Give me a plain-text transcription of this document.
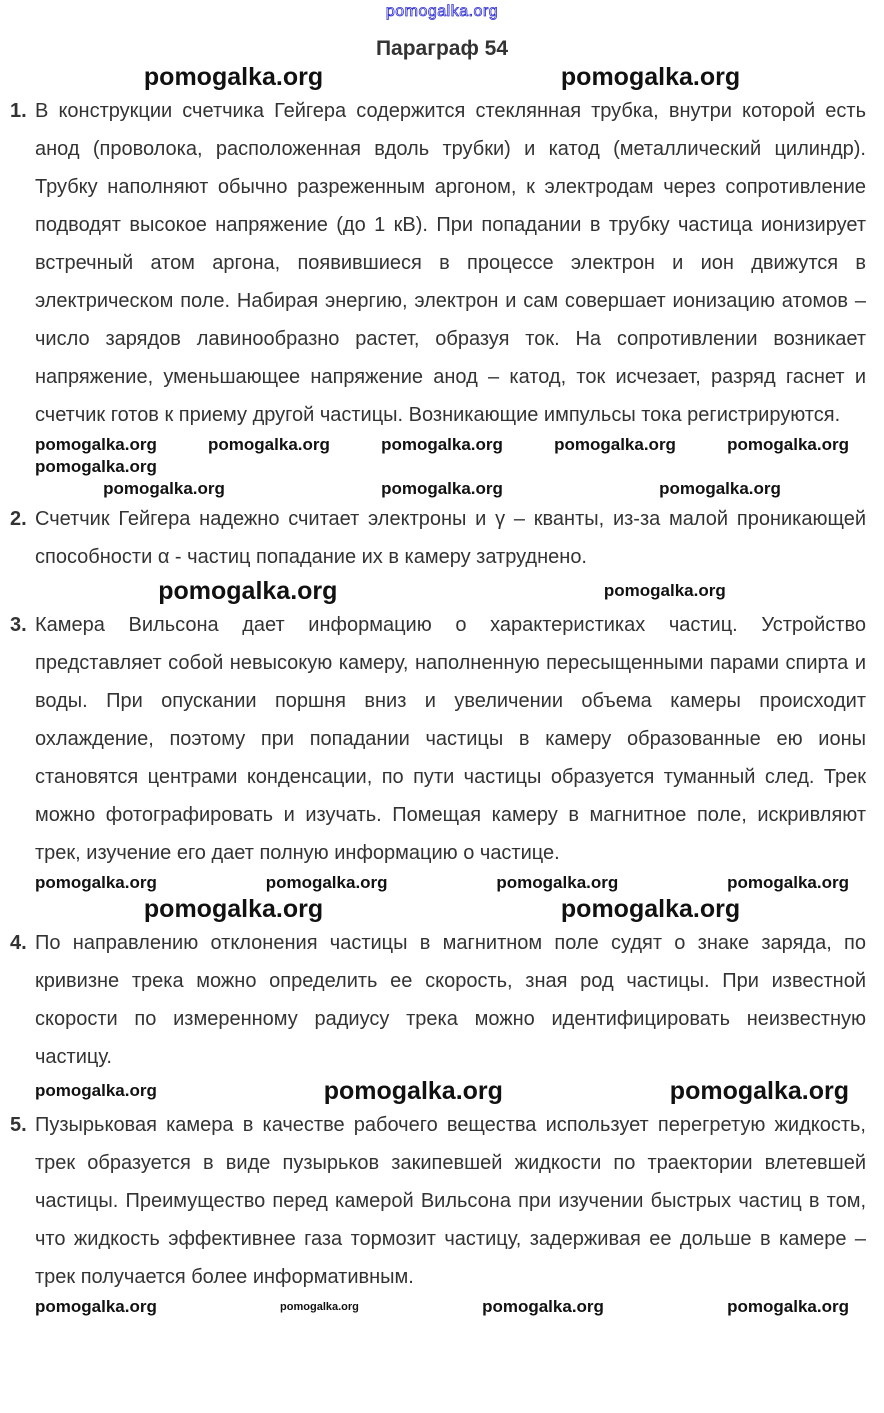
pomogalka.org
Параграф 54
pomogalka.org	pomogalka.org
1. В конструкции счетчика Гейгера содержится стеклянная трубка, внутри которой есть анод (проволока, расположенная вдоль трубки) и катод (металлический цилиндр). Трубку наполняют обычно разреженным аргоном, к электродам через сопротивление подводят высокое напряжение (до 1 кВ). При попадании в трубку частица ионизирует встречный атом аргона, появившиеся в процессе электрон и ион движутся в электрическом поле. Набирая энергию, электрон и сам совершает ионизацию атомов – число зарядов лавинообразно растет, образуя ток. На сопротивлении возникает напряжение, уменьшающее напряжение анод – катод, ток исчезает, разряд гаснет и счетчик готов к приему другой частицы. Возникающие импульсы тока регистрируются.
pomogalka.org	pomogalka.org	pomogalka.org	pomogalka.org	pomogalka.org
pomogalka.org
pomogalka.org	pomogalka.org	pomogalka.org
2. Счетчик Гейгера надежно считает электроны и γ – кванты, из-за малой проникающей способности α - частиц попадание их в камеру затруднено.
pomogalka.org	pomogalka.org
3. Камера Вильсона дает информацию о характеристиках частиц. Устройство представляет собой невысокую камеру, наполненную пересыщенными парами спирта и воды. При опускании поршня вниз и увеличении объема камеры происходит охлаждение, поэтому при попадании частицы в камеру образованные ею ионы становятся центрами конденсации, по пути частицы образуется туманный след. Трек можно фотографировать и изучать. Помещая камеру в магнитное поле, искривляют трек, изучение его дает полную информацию о частице.
pomogalka.org	pomogalka.org	pomogalka.org	pomogalka.org
pomogalka.org	pomogalka.org
4. По направлению отклонения частицы в магнитном поле судят о знаке заряда, по кривизне трека можно определить ее скорость, зная род частицы. При известной скорости по измеренному радиусу трека можно идентифицировать неизвестную частицу.
pomogalka.org	pomogalka.org	pomogalka.org
5. Пузырьковая камера в качестве рабочего вещества использует перегретую жидкость, трек образуется в виде пузырьков закипевшей жидкости по траектории влетевшей частицы. Преимущество перед камерой Вильсона при изучении быстрых частиц в том, что жидкость эффективнее газа тормозит частицу, задерживая ее дольше в камере – трек получается более информативным.
pomogalka.org	pomogalka.org	pomogalka.org	pomogalka.org
